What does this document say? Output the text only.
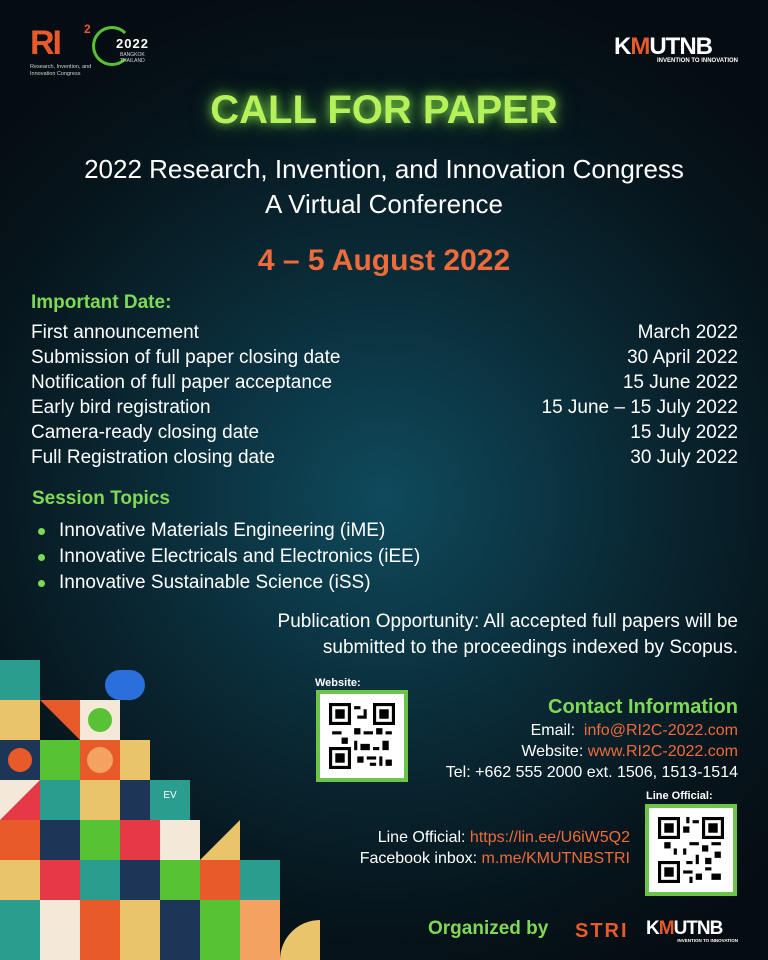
RI 2
2022
BANGKOK THAILAND
Research, Invention, and Innovation Congress
KMUTNB
INVENTION TO INNOVATION
CALL FOR PAPER
2022 Research, Invention, and Innovation Congress
A Virtual Conference
4 – 5 August 2022
Important Date:
First announcement	March 2022
Submission of full paper closing date	30 April 2022
Notification of full paper acceptance	15 June 2022
Early bird registration	15 June – 15 July 2022
Camera-ready closing date	15 July 2022
Full Registration closing date	30 July 2022
Session Topics
Innovative Materials Engineering (iME)
Innovative Electricals and Electronics (iEE)
Innovative Sustainable Science (iSS)
Publication Opportunity: All accepted full papers will be
submitted to the proceedings indexed by Scopus.
EV
Website:
Contact Information
Email: info@RI2C-2022.com
Website: www.RI2C-2022.com
Tel: +662 555 2000 ext. 1506, 1513-1514
Line Official:
Line Official: https://lin.ee/U6iW5Q2
Facebook inbox: m.me/KMUTNBSTRI
Organized by STRI KMUTNB
INVENTION TO INNOVATION
